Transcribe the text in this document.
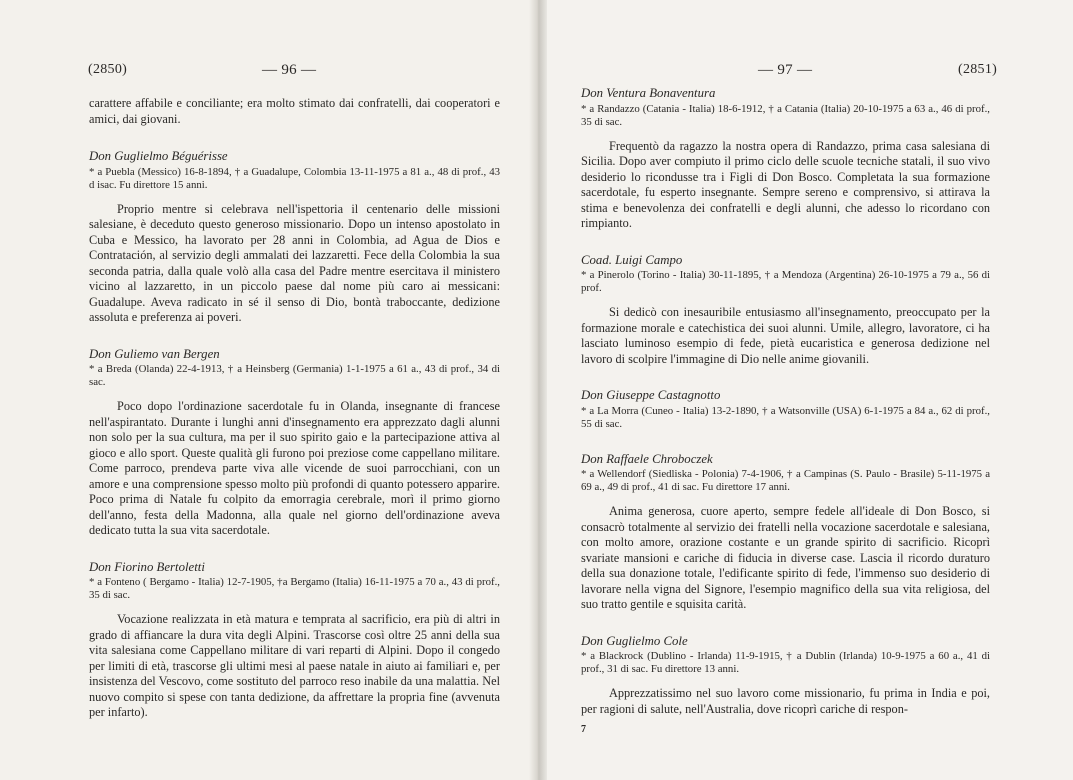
(2850)	— 96 —

carattere affabile e conciliante; era molto stimato dai confratelli, dai cooperatori e amici, dai giovani.

Don Guglielmo Béguérisse

* a Puebla (Messico) 16-8-1894, † a Guadalupe, Colombia 13-11-1975 a 81 a., 48 di prof., 43 d isac. Fu direttore 15 anni.

Proprio mentre si celebrava nell'ispettoria il centenario delle missioni salesiane, è deceduto questo generoso missionario. Dopo un intenso apostolato in Cuba e Messico, ha lavorato per 28 anni in Colombia, ad Agua de Dios e Contratación, al servizio degli ammalati dei lazzaretti. Fece della Colombia la sua seconda patria, dalla quale volò alla casa del Padre mentre esercitava il ministero vicino al lazzaretto, in un piccolo paese dal nome più caro ai messicani: Guadalupe. Aveva radicato in sé il senso di Dio, bontà traboccante, dedizione assoluta e preferenza ai poveri.

Don Guliemo van Bergen

* a Breda (Olanda) 22-4-1913, † a Heinsberg (Germania) 1-1-1975 a 61 a., 43 di prof., 34 di sac.

Poco dopo l'ordinazione sacerdotale fu in Olanda, insegnante di francese nell'aspirantato. Durante i lunghi anni d'insegnamento era apprezzato dagli alunni non solo per la sua cultura, ma per il suo spirito gaio e la partecipazione attiva al gioco e allo sport. Queste qualità gli furono poi preziose come cappellano militare. Come parroco, prendeva parte viva alle vicende de suoi parrocchiani, con un amore e una comprensione spesso molto più profondi di quanto potessero apparire. Poco prima di Natale fu colpito da emorragia cerebrale, morì il primo giorno dell'anno, festa della Madonna, alla quale nel giorno dell'ordinazione aveva dedicato tutta la sua vita sacerdotale.

Don Fiorino Bertoletti

* a Fonteno ( Bergamo - Italia) 12-7-1905, †a Bergamo (Italia) 16-11-1975 a 70 a., 43 di prof., 35 di sac.

Vocazione realizzata in età matura e temprata al sacrificio, era più di altri in grado di affiancare la dura vita degli Alpini. Trascorse così oltre 25 anni della sua vita salesiana come Cappellano militare di vari reparti di Alpini. Dopo il congedo per limiti di età, trascorse gli ultimi mesi al paese natale in aiuto ai familiari e, per insistenza del Vescovo, come sostituto del parroco reso inabile da una malattia. Nel nuovo compito si spese con tanta dedizione, da affrettare la propria fine (avvenuta per infarto).

— 97 —	(2851)

Don Ventura Bonaventura

* a Randazzo (Catania - Italia) 18-6-1912, † a Catania (Italia) 20-10-1975 a 63 a., 46 di prof., 35 di sac.

Frequentò da ragazzo la nostra opera di Randazzo, prima casa salesiana di Sicilia. Dopo aver compiuto il primo ciclo delle scuole tecniche statali, il suo vivo desiderio lo ricondusse tra i Figli di Don Bosco. Completata la sua formazione sacerdotale, fu esperto insegnante. Sempre sereno e comprensivo, si attirava la stima e benevolenza dei confratelli e degli alunni, che adesso lo ricordano con rimpianto.

Coad. Luigi Campo

* a Pinerolo (Torino - Italia) 30-11-1895, † a Mendoza (Argentina) 26-10-1975 a 79 a., 56 di prof.

Si dedicò con inesauribile entusiasmo all'insegnamento, preoccupato per la formazione morale e catechistica dei suoi alunni. Umile, allegro, lavoratore, ci ha lasciato luminoso esempio di fede, pietà eucaristica e generosa dedizione nel lavoro di scolpire l'immagine di Dio nelle anime giovanili.

Don Giuseppe Castagnotto

* a La Morra (Cuneo - Italia) 13-2-1890, † a Watsonville (USA) 6-1-1975 a 84 a., 62 di prof., 55 di sac.

Don Raffaele Chroboczek

* a Wellendorf (Siedliska - Polonia) 7-4-1906, † a Campinas (S. Paulo - Brasile) 5-11-1975 a 69 a., 49 di prof., 41 di sac. Fu direttore 17 anni.

Anima generosa, cuore aperto, sempre fedele all'ideale di Don Bosco, si consacrò totalmente al servizio dei fratelli nella vocazione sacerdotale e salesiana, con molto amore, orazione costante e un grande spirito di sacrificio. Ricoprì svariate mansioni e cariche di fiducia in diverse case. Lascia il ricordo duraturo della sua donazione totale, l'edificante spirito di fede, l'immenso suo desiderio di lavorare nella vigna del Signore, l'esempio magnifico della sua vita religiosa, del suo tratto gentile e squisita carità.

Don Guglielmo Cole

* a Blackrock (Dublino - Irlanda) 11-9-1915, † a Dublin (Irlanda) 10-9-1975 a 60 a., 41 di prof., 31 di sac. Fu direttore 13 anni.

Apprezzatissimo nel suo lavoro come missionario, fu prima in India e poi, per ragioni di salute, nell'Australia, dove ricoprì cariche di respon-

7
